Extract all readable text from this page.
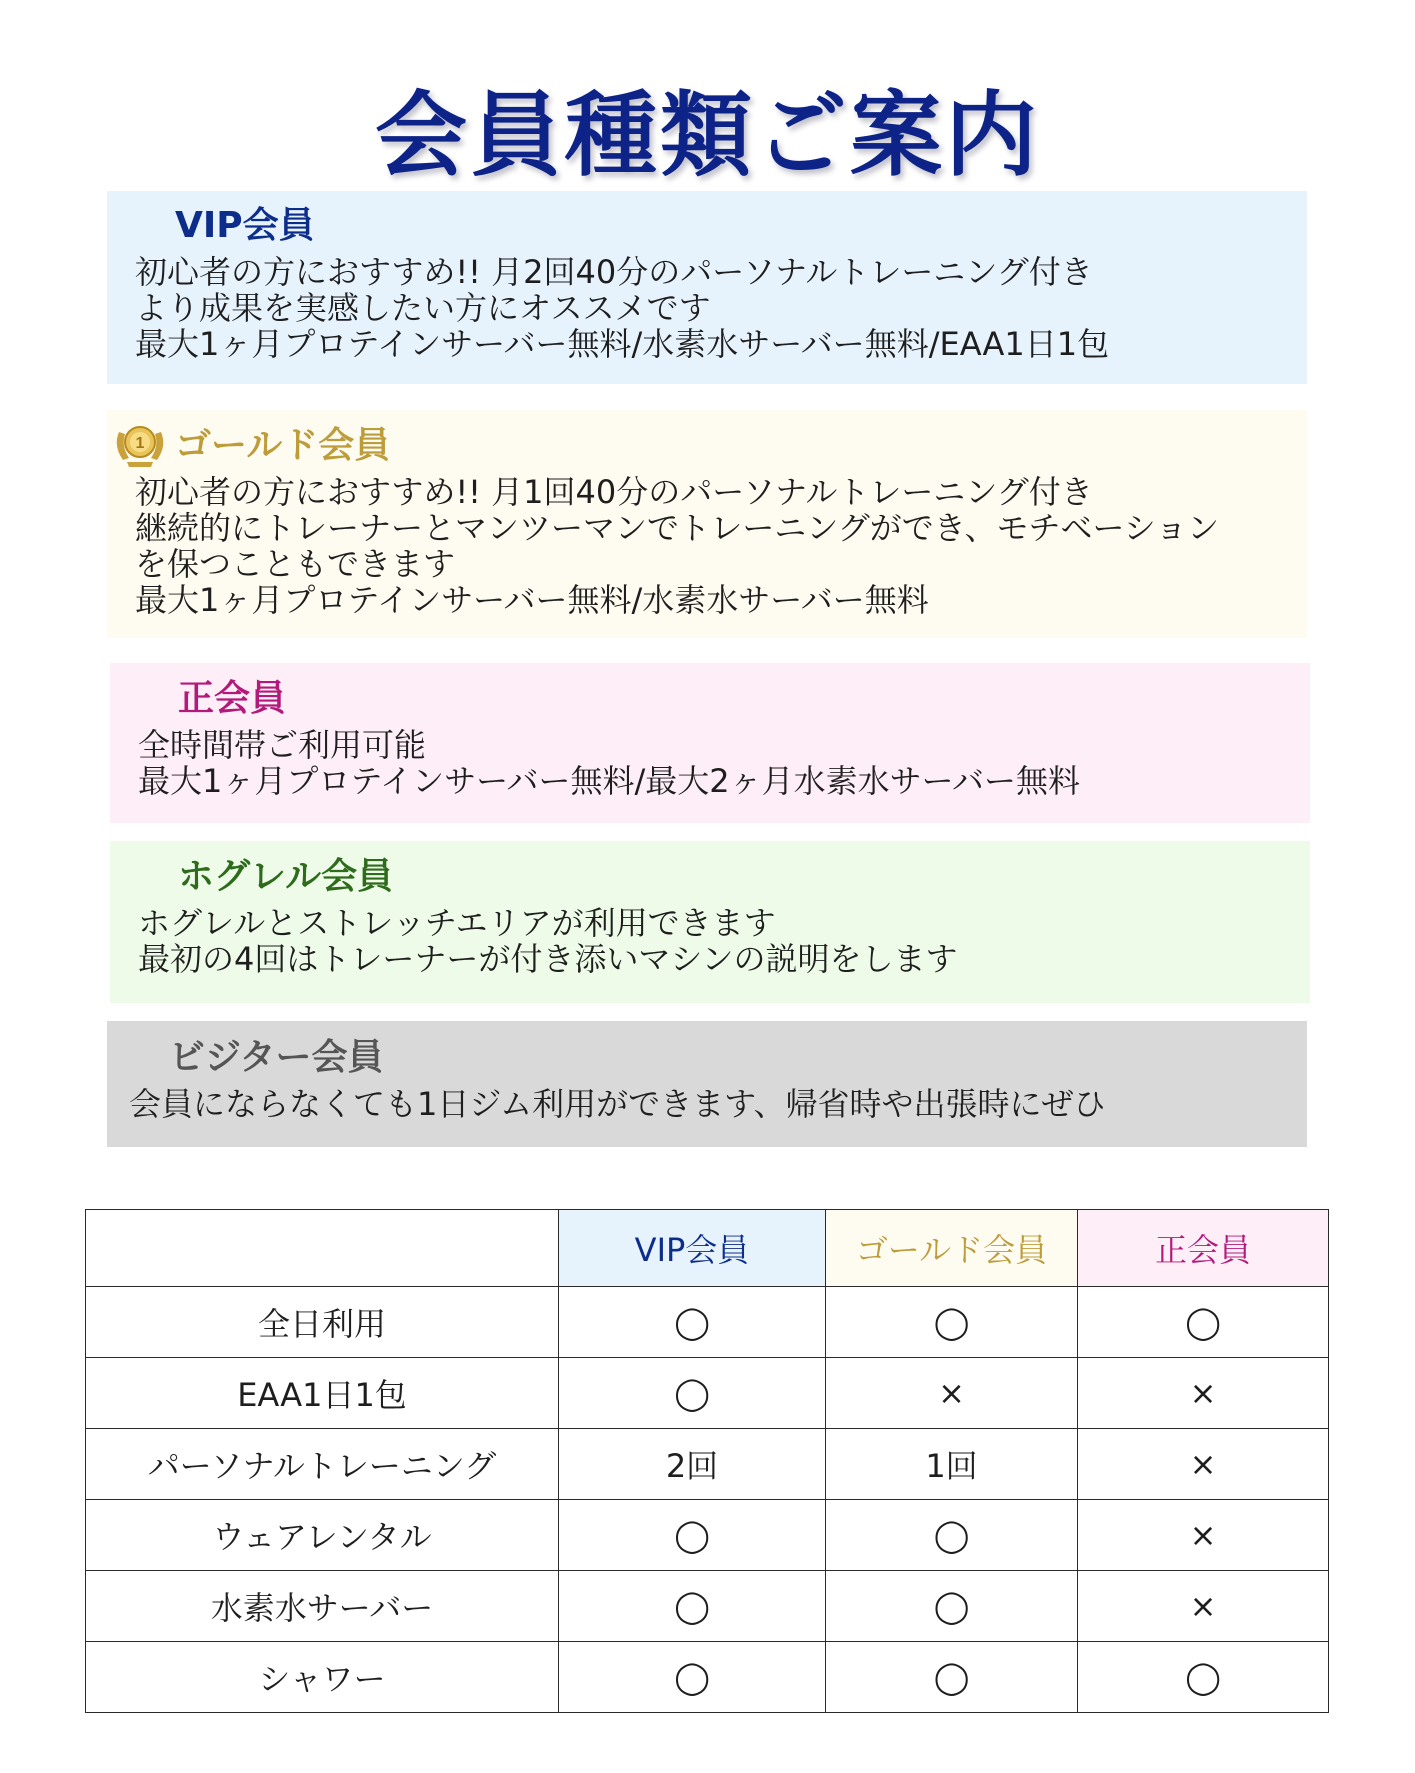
会員種類ご案内
VIP会員
初心者の方におすすめ!! 月2回40分のパーソナルトレーニング付き
より成果を実感したい方にオススメです
最大1ヶ月プロテインサーバー無料/水素水サーバー無料/EAA1日1包
1 ゴールド会員
初心者の方におすすめ!! 月1回40分のパーソナルトレーニング付き
継続的にトレーナーとマンツーマンでトレーニングができ、モチベーション
を保つこともできます
最大1ヶ月プロテインサーバー無料/水素水サーバー無料
正会員
全時間帯ご利用可能
最大1ヶ月プロテインサーバー無料/最大2ヶ月水素水サーバー無料
ホグレル会員
ホグレルとストレッチエリアが利用できます
最初の4回はトレーナーが付き添いマシンの説明をします
ビジター会員
会員にならなくても1日ジム利用ができます、帰省時や出張時にぜひ
	VIP会員	ゴールド会員	正会員
全日利用	◯	◯	◯
EAA1日1包	◯	×	×
パーソナルトレーニング	2回	1回	×
ウェアレンタル	◯	◯	×
水素水サーバー	◯	◯	×
シャワー	◯	◯	◯
